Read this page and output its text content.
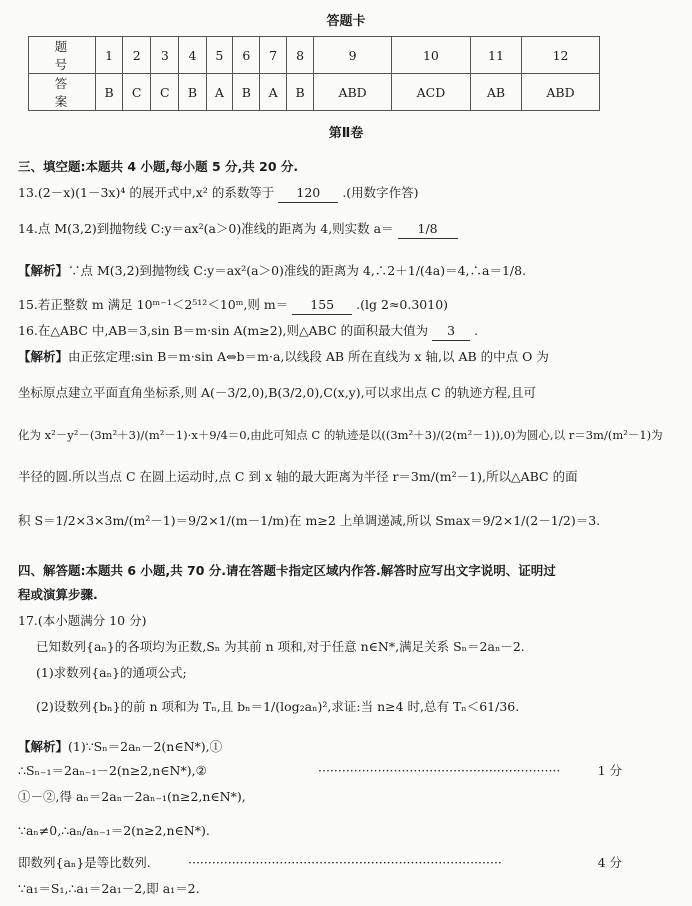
答题卡
题　号	1	2	3	4	5	6	7	8	9	10	11	12
答　案	B	C	C	B	A	B	A	B	ABD	ACD	AB	ABD
第Ⅱ卷
三、填空题:本题共 4 小题,每小题 5 分,共 20 分.
13.(2－x)(1－3x)⁴ 的展开式中,x² 的系数等于 120 .(用数字作答)
14.点 M(3,2)到抛物线 C:y＝ax²(a＞0)准线的距离为 4,则实数 a＝ 1/8
【解析】∵点 M(3,2)到抛物线 C:y＝ax²(a＞0)准线的距离为 4,∴2＋1/(4a)＝4,∴a＝1/8.
15.若正整数 m 满足 10ᵐ⁻¹＜2⁵¹²＜10ᵐ,则 m＝ 155 .(lg 2≈0.3010)
16.在△ABC 中,AB＝3,sin B＝m·sin A(m≥2),则△ABC 的面积最大值为 3 .
【解析】由正弦定理:sin B＝m·sin A⇔b＝m·a,以线段 AB 所在直线为 x 轴,以 AB 的中点 O 为
坐标原点建立平面直角坐标系,则 A(－3/2,0),B(3/2,0),C(x,y),可以求出点 C 的轨迹方程,且可
化为 x²－y²－(3m²＋3)/(m²－1)·x＋9/4＝0,由此可知点 C 的轨迹是以((3m²＋3)/(2(m²－1)),0)为圆心,以 r＝3m/(m²－1)为
半径的圆.所以当点 C 在圆上运动时,点 C 到 x 轴的最大距离为半径 r＝3m/(m²－1),所以△ABC 的面
积 S＝1/2×3×3m/(m²－1)＝9/2×1/(m－1/m)在 m≥2 上单调递减,所以 Smax＝9/2×1/(2－1/2)＝3.
四、解答题:本题共 6 小题,共 70 分.请在答题卡指定区域内作答.解答时应写出文字说明、证明过
程或演算步骤.
17.(本小题满分 10 分)
已知数列{aₙ}的各项均为正数,Sₙ 为其前 n 项和,对于任意 n∈N*,满足关系 Sₙ＝2aₙ－2.
(1)求数列{aₙ}的通项公式;
(2)设数列{bₙ}的前 n 项和为 Tₙ,且 bₙ＝1/(log₂aₙ)²,求证:当 n≥4 时,总有 Tₙ＜61/36.
【解析】(1)∵Sₙ＝2aₙ－2(n∈N*),①
∴Sₙ₋₁＝2aₙ₋₁－2(n≥2,n∈N*),②	·····························································	1 分
①－②,得 aₙ＝2aₙ－2aₙ₋₁(n≥2,n∈N*),
∵aₙ≠0,∴aₙ/aₙ₋₁＝2(n≥2,n∈N*).
即数列{aₙ}是等比数列.	···············································································	4 分
∵a₁＝S₁,∴a₁＝2a₁－2,即 a₁＝2.
